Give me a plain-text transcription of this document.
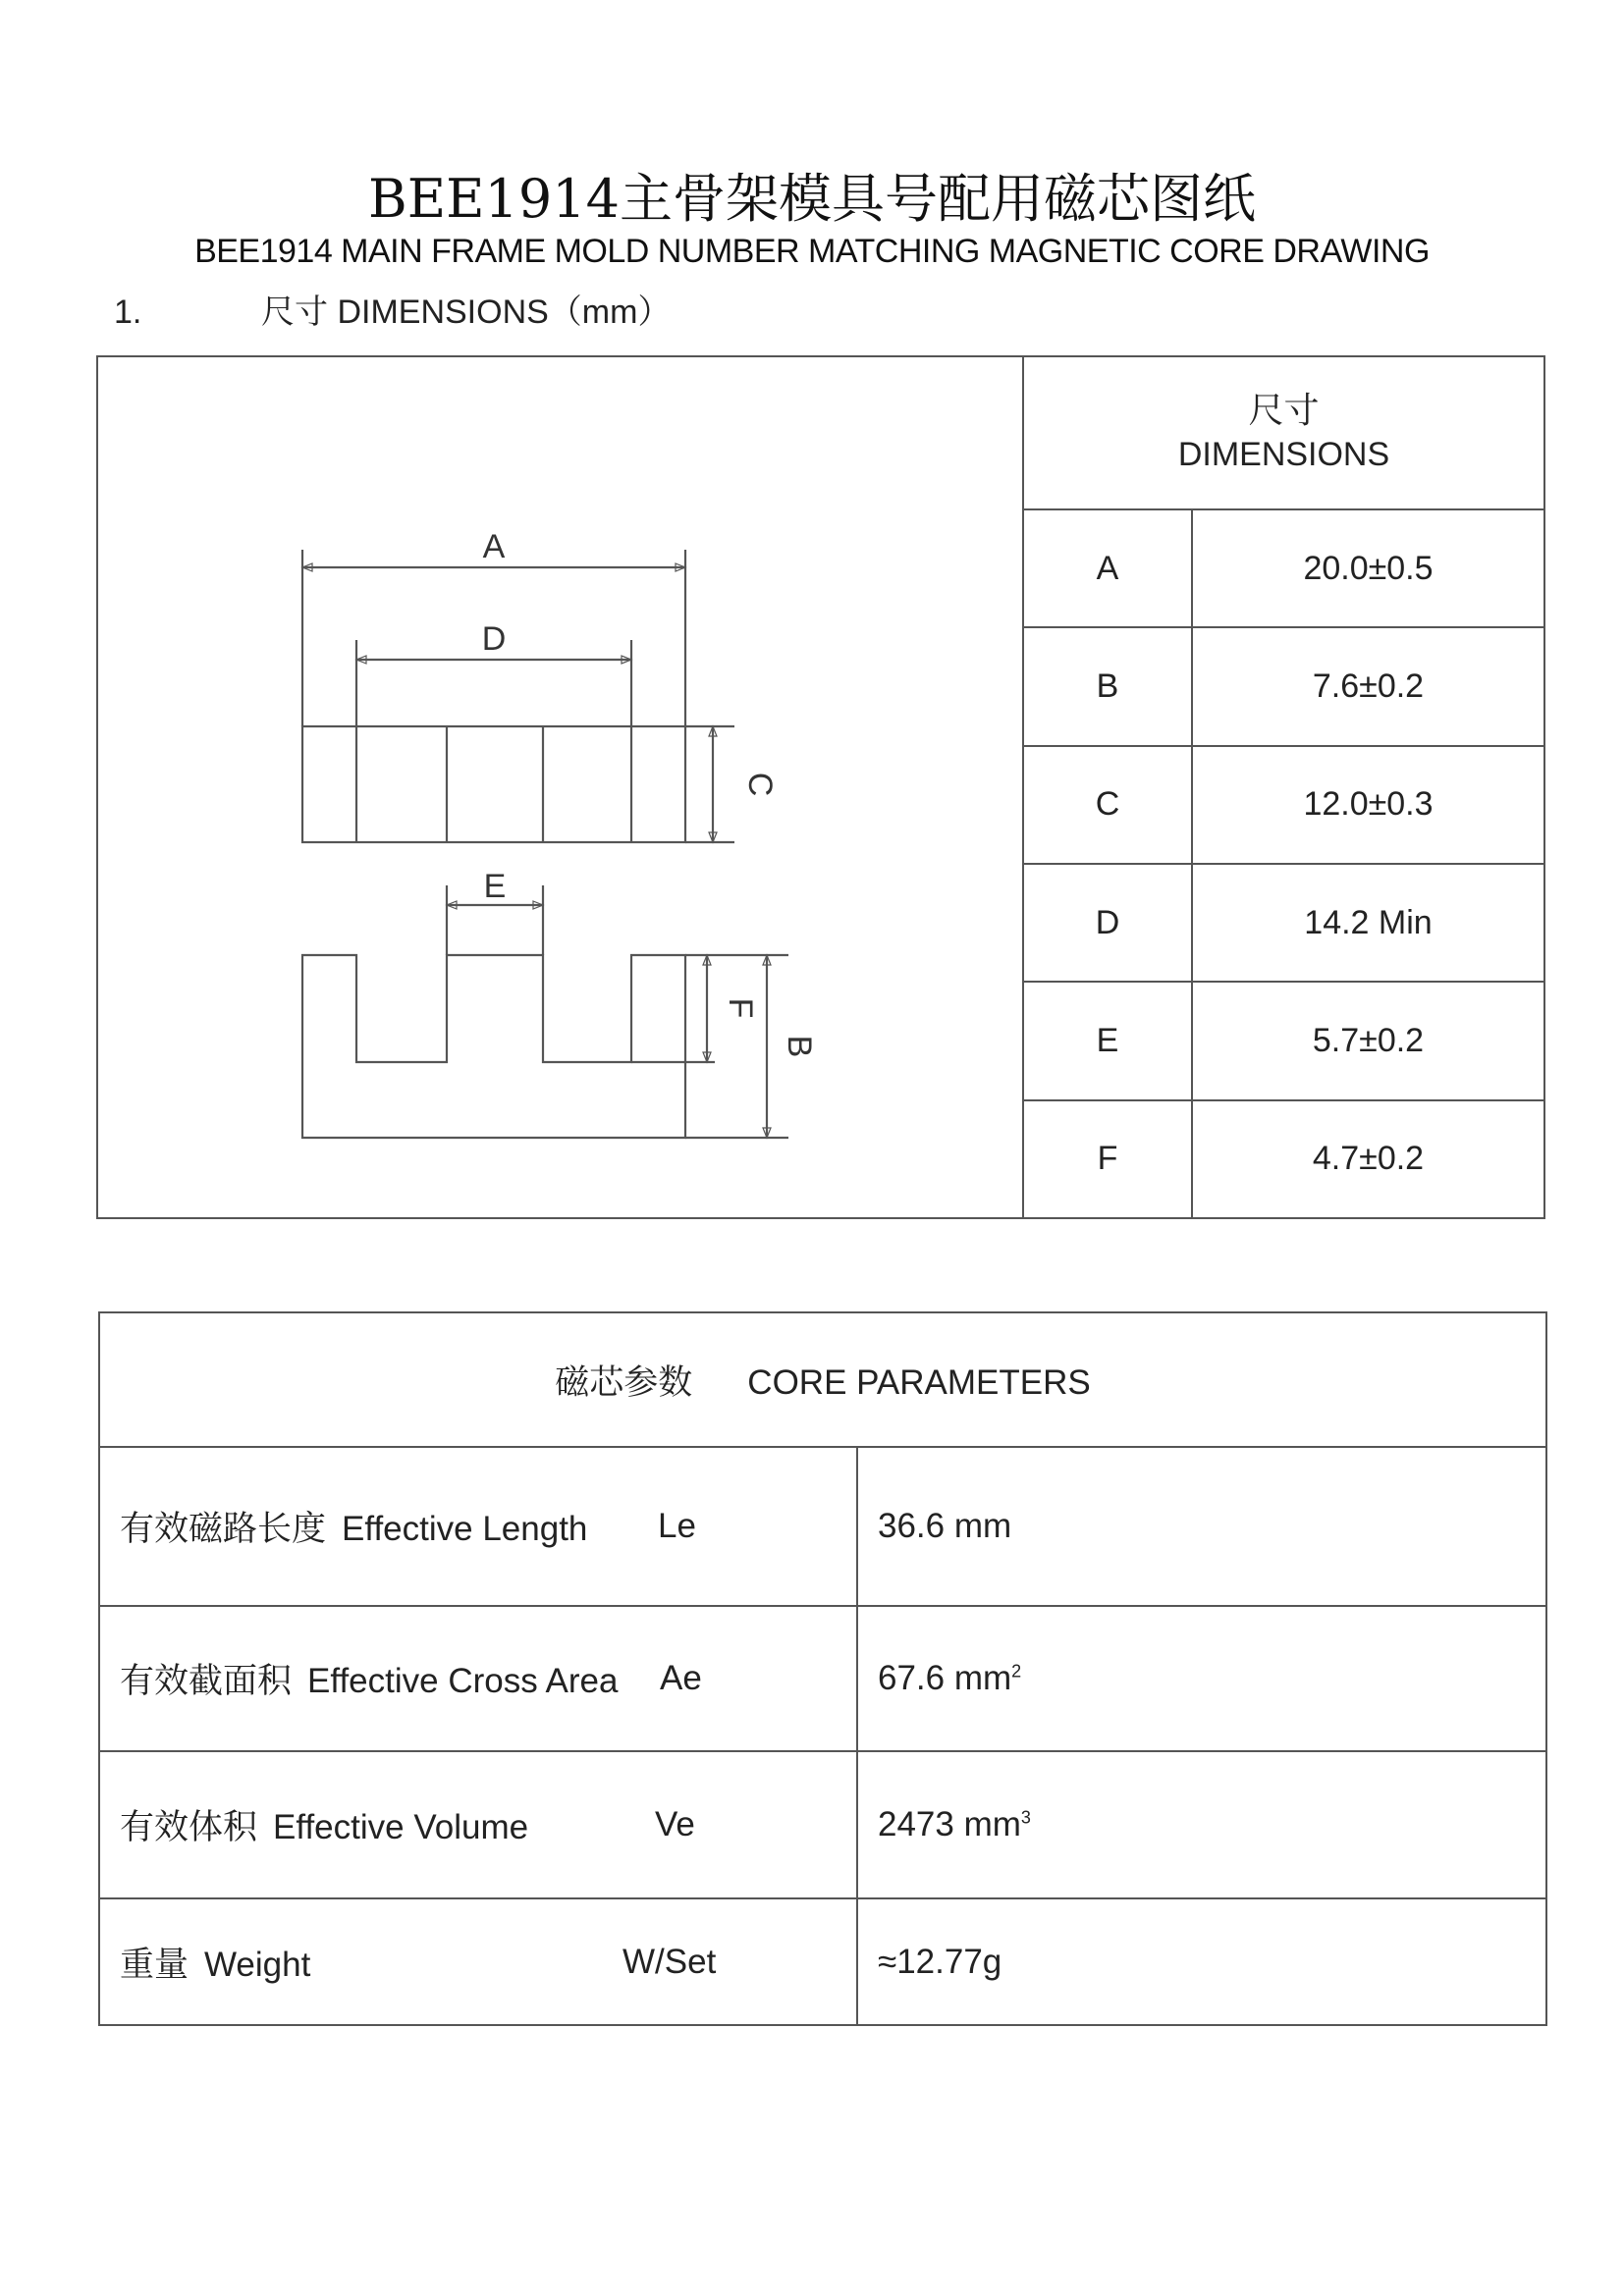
BEE1914主骨架模具号配用磁芯图纸
BEE1914 MAIN FRAME MOLD NUMBER MATCHING MAGNETIC CORE DRAWING
1.	尺寸 DIMENSIONS（mm）
A
D
C
E
F
B
尺寸
DIMENSIONS	

A	20.0±0.5
B	7.6±0.2
C	12.0±0.3
D	14.2 Min
E	5.7±0.2
F	4.7±0.2
磁芯参数 CORE PARAMETERS	
有效磁路长度 Effective Length Le	36.6 mm
有效截面积 Effective Cross Area Ae	67.6 $mm^2$
有效体积 Effective Volume Ve	2473 $mm^3$
重量 Weight W/Set	≈12.77g
